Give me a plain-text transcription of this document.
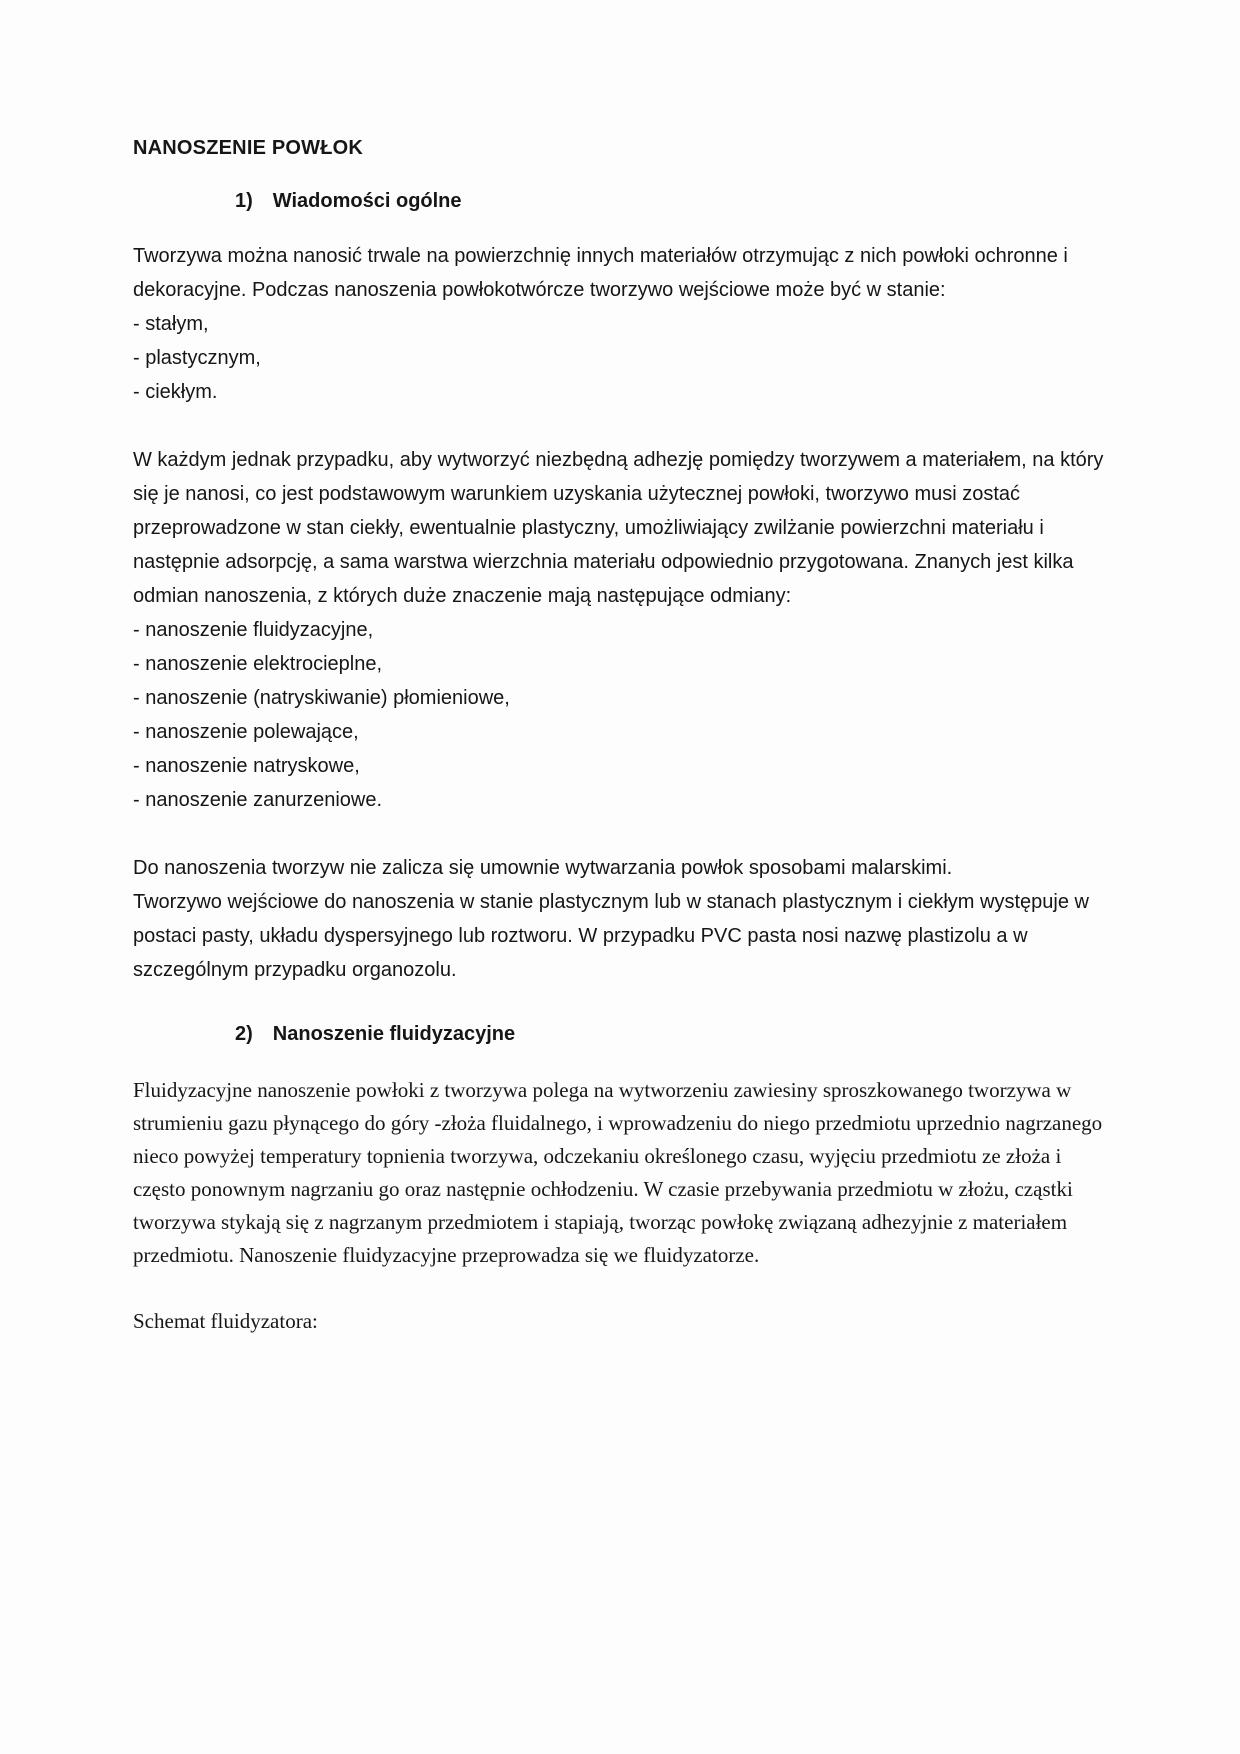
NANOSZENIE POWŁOK
1) Wiadomości ogólne

Tworzywa można nanosić trwale na powierzchnię innych materiałów otrzymując z nich powłoki ochronne i dekoracyjne. Podczas nanoszenia powłokotwórcze tworzywo wejściowe może być w stanie:

- stałym,
- plastycznym,
- ciekłym.

W każdym jednak przypadku, aby wytworzyć niezbędną adhezję pomiędzy tworzywem a materiałem, na który się je nanosi, co jest podstawowym warunkiem uzyskania użytecznej powłoki, tworzywo musi zostać przeprowadzone w stan ciekły, ewentualnie plastyczny, umożliwiający zwilżanie powierzchni materiału i następnie adsorpcję, a sama warstwa wierzchnia materiału odpowiednio przygotowana. Znanych jest kilka odmian nanoszenia, z których duże znaczenie mają następujące odmiany:

- nanoszenie fluidyzacyjne,
- nanoszenie elektrocieplne,
- nanoszenie (natryskiwanie) płomieniowe,
- nanoszenie polewające,
- nanoszenie natryskowe,
- nanoszenie zanurzeniowe.

Do nanoszenia tworzyw nie zalicza się umownie wytwarzania powłok sposobami malarskimi.
Tworzywo wejściowe do nanoszenia w stanie plastycznym lub w stanach plastycznym i ciekłym występuje w postaci pasty, układu dyspersyjnego lub roztworu. W przypadku PVC pasta nosi nazwę plastizolu a w szczególnym przypadku organozolu.

2) Nanoszenie fluidyzacyjne

Fluidyzacyjne nanoszenie powłoki z tworzywa polega na wytworzeniu zawiesiny sproszkowanego tworzywa w strumieniu gazu płynącego do góry -złoża fluidalnego, i wprowadzeniu do niego przedmiotu uprzednio nagrzanego nieco powyżej temperatury topnienia tworzywa, odczekaniu określonego czasu, wyjęciu przedmiotu ze złoża i często ponownym nagrzaniu go oraz następnie ochłodzeniu. W czasie przebywania przedmiotu w złożu, cząstki tworzywa stykają się z nagrzanym przedmiotem i stapiają, tworząc powłokę związaną adhezyjnie z materiałem przedmiotu. Nanoszenie fluidyzacyjne przeprowadza się we fluidyzatorze.

Schemat fluidyzatora:
